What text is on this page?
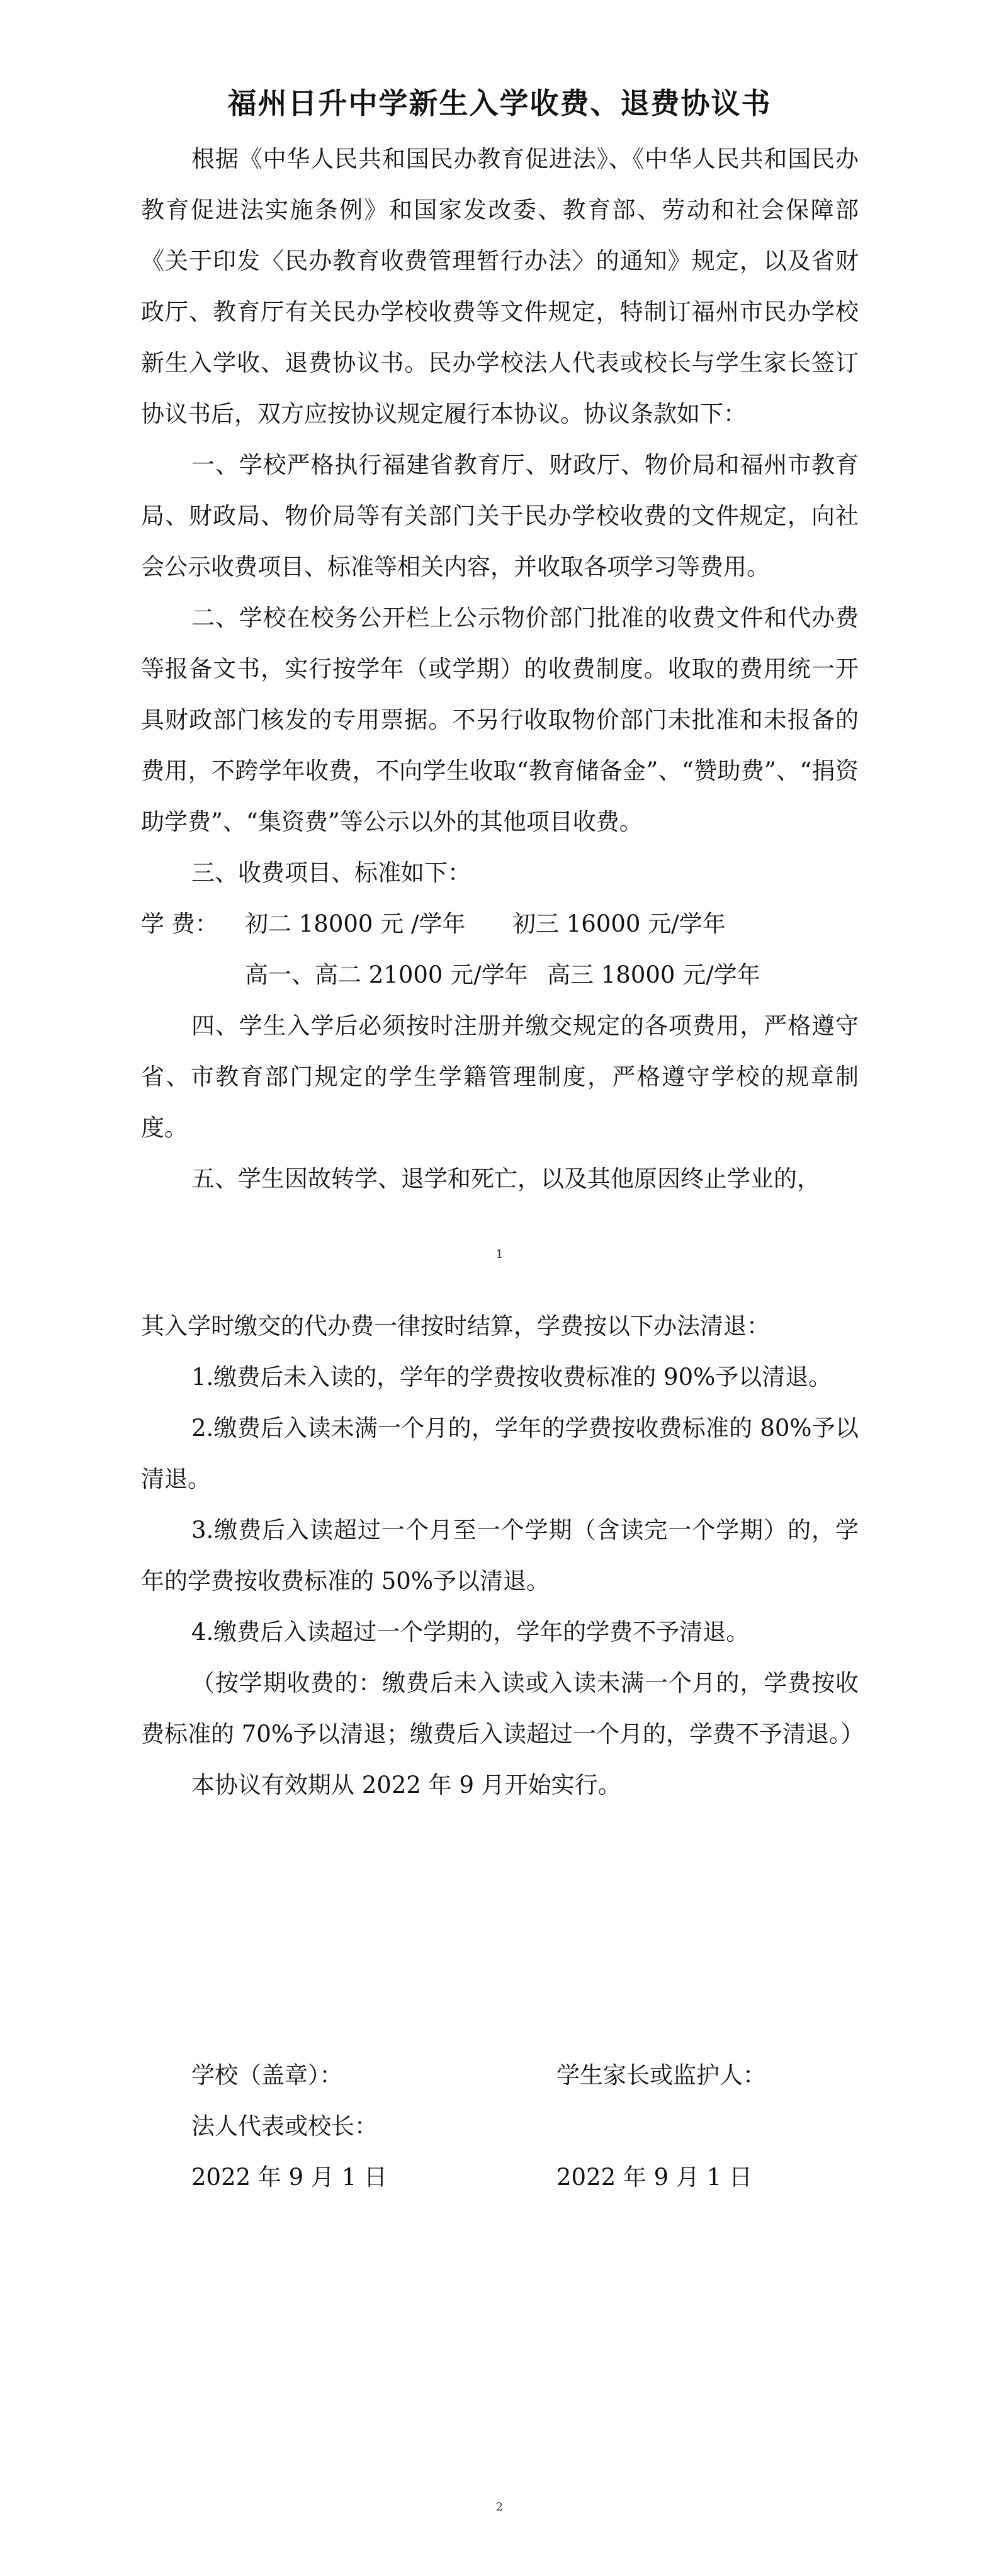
福州日升中学新生入学收费、退费协议书

根据《中华人民共和国民办教育促进法》、《中华人民共和国民办教育促进法实施条例》和国家发改委、教育部、劳动和社会保障部《关于印发〈民办教育收费管理暂行办法〉的通知》规定，以及省财政厅、教育厅有关民办学校收费等文件规定，特制订福州市民办学校新生入学收、退费协议书。民办学校法人代表或校长与学生家长签订协议书后，双方应按协议规定履行本协议。协议条款如下：

一、学校严格执行福建省教育厅、财政厅、物价局和福州市教育局、财政局、物价局等有关部门关于民办学校收费的文件规定，向社会公示收费项目、标准等相关内容，并收取各项学习等费用。

二、学校在校务公开栏上公示物价部门批准的收费文件和代办费等报备文书，实行按学年（或学期）的收费制度。收取的费用统一开具财政部门核发的专用票据。不另行收取物价部门未批准和未报备的费用，不跨学年收费，不向学生收取“教育储备金”、“赞助费”、“捐资助学费”、“集资费”等公示以外的其他项目收费。

三、收费项目、标准如下：

学 费： 初二 18000 元 /学年 初三 16000 元/学年
高一、高二 21000 元/学年 高三 18000 元/学年

四、学生入学后必须按时注册并缴交规定的各项费用，严格遵守省、市教育部门规定的学生学籍管理制度，严格遵守学校的规章制度。

五、学生因故转学、退学和死亡，以及其他原因终止学业的，

1

其入学时缴交的代办费一律按时结算，学费按以下办法清退：

1.缴费后未入读的，学年的学费按收费标准的 90%予以清退。

2.缴费后入读未满一个月的，学年的学费按收费标准的 80%予以清退。

3.缴费后入读超过一个月至一个学期（含读完一个学期）的，学年的学费按收费标准的 50%予以清退。

4.缴费后入读超过一个学期的，学年的学费不予清退。

（按学期收费的：缴费后未入读或入读未满一个月的，学费按收费标准的 70%予以清退；缴费后入读超过一个月的，学费不予清退。）

本协议有效期从 2022 年 9 月开始实行。

学校（盖章）：	学生家长或监护人：
法人代表或校长：
2022 年 9 月 1 日	2022 年 9 月 1 日
2
